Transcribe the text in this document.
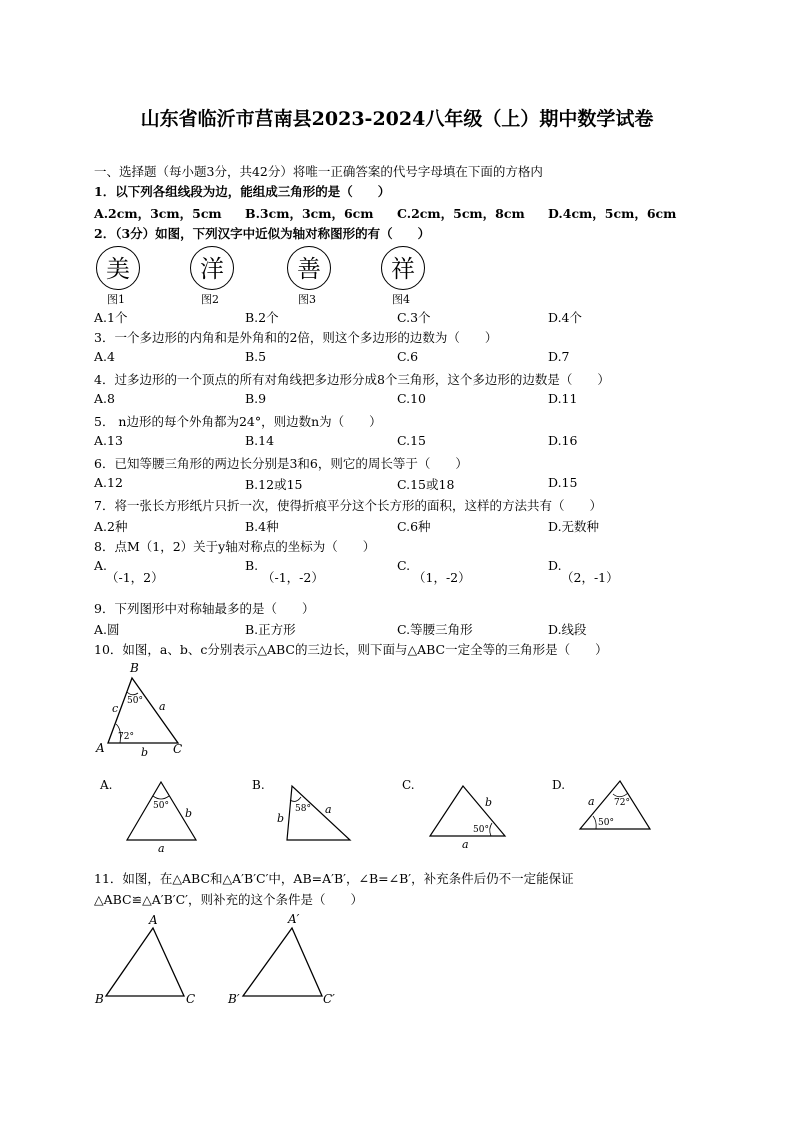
山东省临沂市莒南县2023-2024八年级（上）期中数学试卷
一、选择题（每小题3分，共42分）将唯一正确答案的代号字母填在下面的方格内
1．以下列各组线段为边，能组成三角形的是（　　）
A.2cm，3cm，5cm B.3cm，3cm，6cm C.2cm，5cm，8cm D.4cm，5cm，6cm
2．（3分）如图，下列汉字中近似为轴对称图形的有（　　）
美	洋	善	祥
图1	图2	图3	图4
A.1个	B.2个	C.3个	D.4个
3．一个多边形的内角和是外角和的2倍，则这个多边形的边数为（　　）
A.4	B.5	C.6	D.7
4．过多边形的一个顶点的所有对角线把多边形分成8个三角形，这个多边形的边数是（　　）
A.8	B.9	C.10	D.11
5． n边形的每个外角都为24°，则边数n为（　　）
A.13	B.14	C.15	D.16
6．已知等腰三角形的两边长分别是3和6，则它的周长等于（　　）
A.12	B.12或15	C.15或18	D.15
7．将一张长方形纸片只折一次，使得折痕平分这个长方形的面积，这样的方法共有（　　）
A.2种	B.4种	C.6种	D.无数种
8．点M（1，2）关于y轴对称点的坐标为（　　）
A.	B.	C.	D.
（-1，2）	（-1，-2）	（1，-2）	（2，-1）
9．下列图形中对称轴最多的是（　　）
A.圆	B.正方形	C.等腰三角形	D.线段
10．如图，a、b、c分别表示△ABC的三边长，则下面与△ABC一定全等的三角形是（　　）
B
A	C
c	a
b
50°
72°
A.
50°
b
a
B.
58° a
b
C.
b
50°
a
D.
72°
50°
a
A
B	C
A′
B′	C′
11．如图，在△ABC和△A′B′C′中，AB=A′B′，∠B=∠B′，补充条件后仍不一定能保证
△ABC≌△A′B′C′，则补充的这个条件是（　　）
